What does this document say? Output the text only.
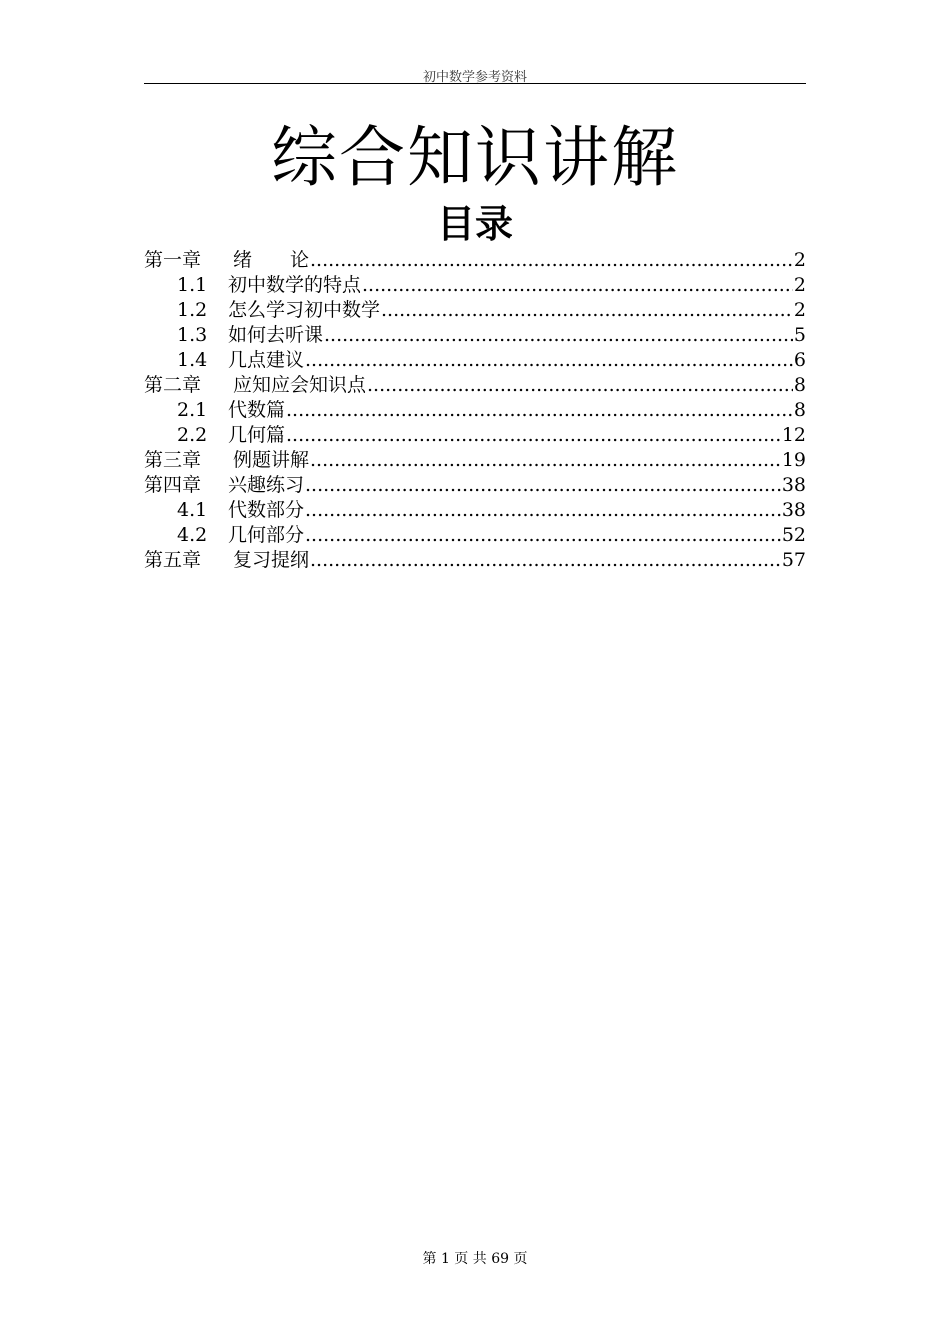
初中数学参考资料
综合知识讲解
目录
第一章	绪　　论 .....	2
1.1	初中数学的特点 .....	2
1.2	怎么学习初中数学 .....	2
1.3	如何去听课 .....	5
1.4	几点建议 .....	6
第二章	应知应会知识点 .....	8
2.1	代数篇 .....	8
2.2	几何篇 .....	12
第三章	例题讲解 .....	19
第四章	兴趣练习 .....	38
4.1	代数部分 .....	38
4.2	几何部分 .....	52
第五章	复习提纲 .....	57
第 1 页 共 69 页
